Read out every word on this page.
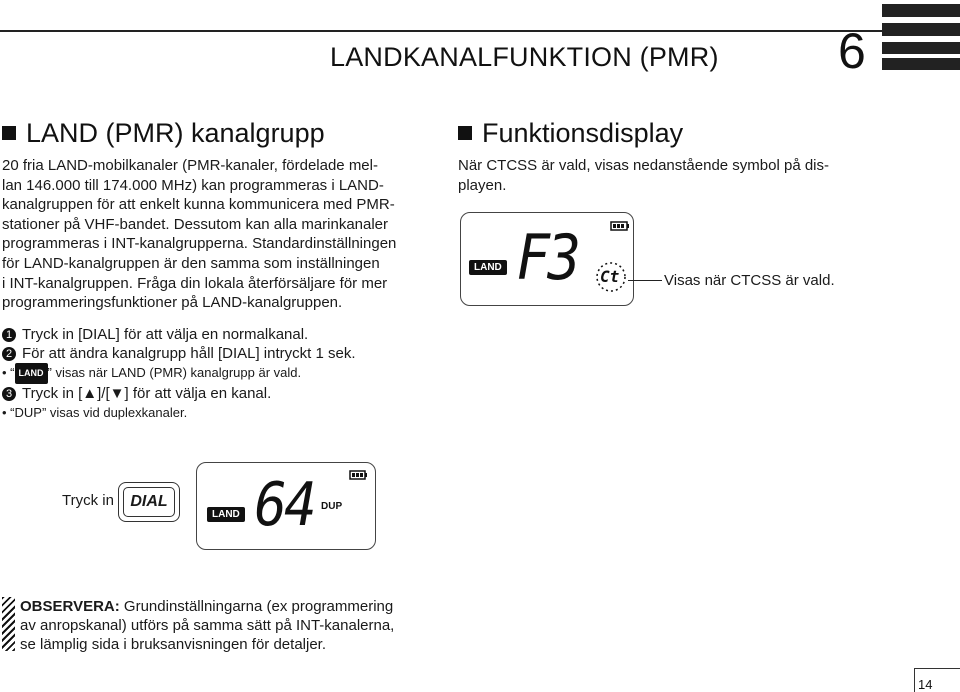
LANDKANALFUNKTION (PMR) 6
LAND (PMR) kanalgrupp

20 fria LAND-mobilkanaler (PMR-kanaler, fördelade mel-

lan 146.000 till 174.000 MHz) kan programmeras i LAND-

kanalgruppen för att enkelt kunna kommunicera med PMR-

stationer på VHF-bandet. Dessutom kan alla marinkanaler

programmeras i INT-kanalgrupperna. Standardinställningen

för LAND-kanalgruppen är den samma som inställningen

i INT-kanalgruppen. Fråga din lokala återförsäljare för mer

programmeringsfunktioner på LAND-kanalgruppen.

Funktionsdisplay

När CTCSS är vald, visas nedanstående symbol på dis-

playen.

LAND F3 Ct	Visas när CTCSS är vald.
1 Tryck in [DIAL] för att välja en normalkanal.
2 För att ändra kanalgrupp håll [DIAL] intryckt 1 sek.
• “ LAND ” visas när LAND (PMR) kanalgrupp är vald.
3 Tryck in [▲]/[▼] för att välja en kanal.
• “DUP” visas vid duplexkanaler.
Tryck in	DIAL
LAND 64 DUP
OBSERVERA: Grundinställningarna (ex programmering
av anropskanal) utförs på samma sätt på INT-kanalerna,
se lämplig sida i bruksanvisningen för detaljer.
14
